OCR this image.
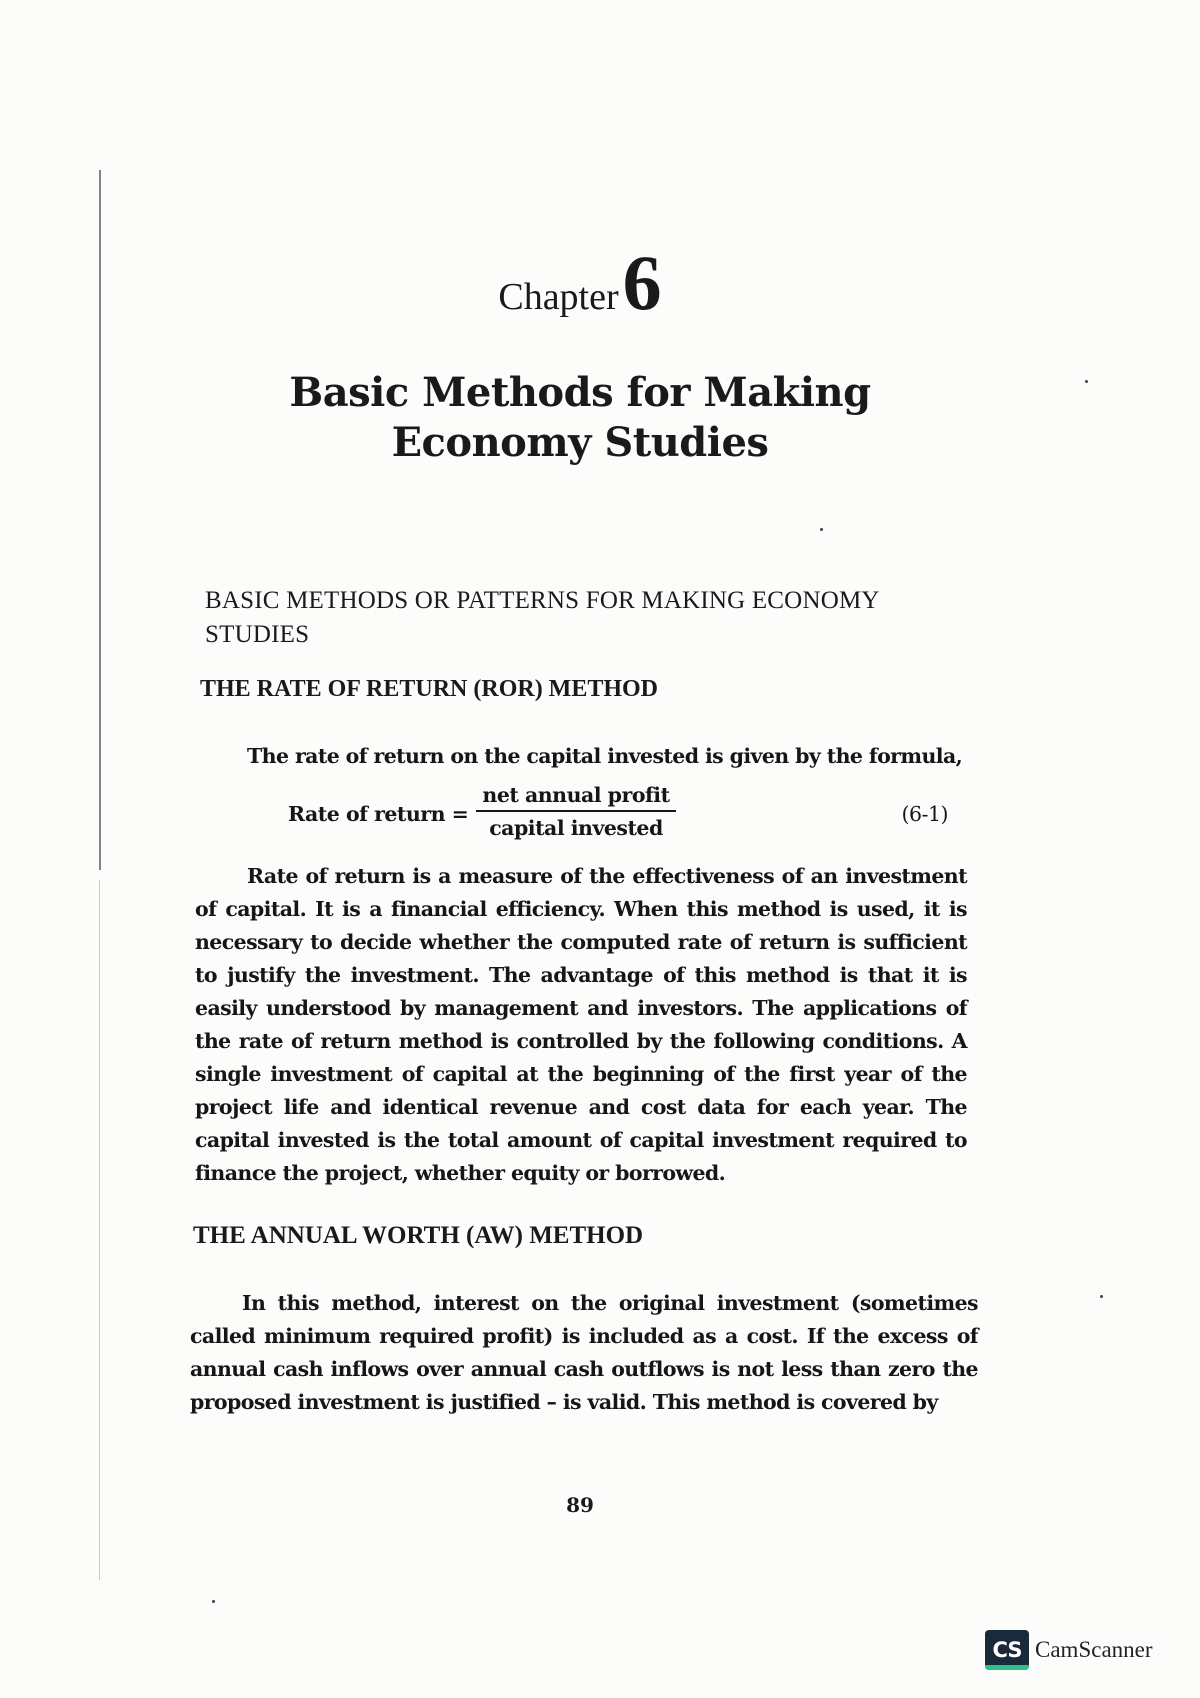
Chapter6
Basic Methods for Making
Economy Studies
BASIC METHODS OR PATTERNS FOR MAKING ECONOMY STUDIES
THE RATE OF RETURN (ROR) METHOD
The rate of return on the capital invested is given by the formula,
Rate of return =
net annual profit
capital invested
(6-1)
Rate of return is a measure of the effectiveness of an investment of capital. It is a financial efficiency. When this method is used, it is necessary to decide whether the computed rate of return is sufficient to justify the investment. The advantage of this method is that it is easily understood by management and investors. The applications of the rate of return method is controlled by the following conditions. A single investment of capital at the beginning of the first year of the project life and identical revenue and cost data for each year. The capital invested is the total amount of capital investment required to finance the project, whether equity or borrowed.
THE ANNUAL WORTH (AW) METHOD
In this method, interest on the original investment (sometimes called minimum required profit) is included as a cost. If the excess of annual cash inflows over annual cash outflows is not less than zero the proposed investment is justified – is valid. This method is covered by
89
CS CamScanner
